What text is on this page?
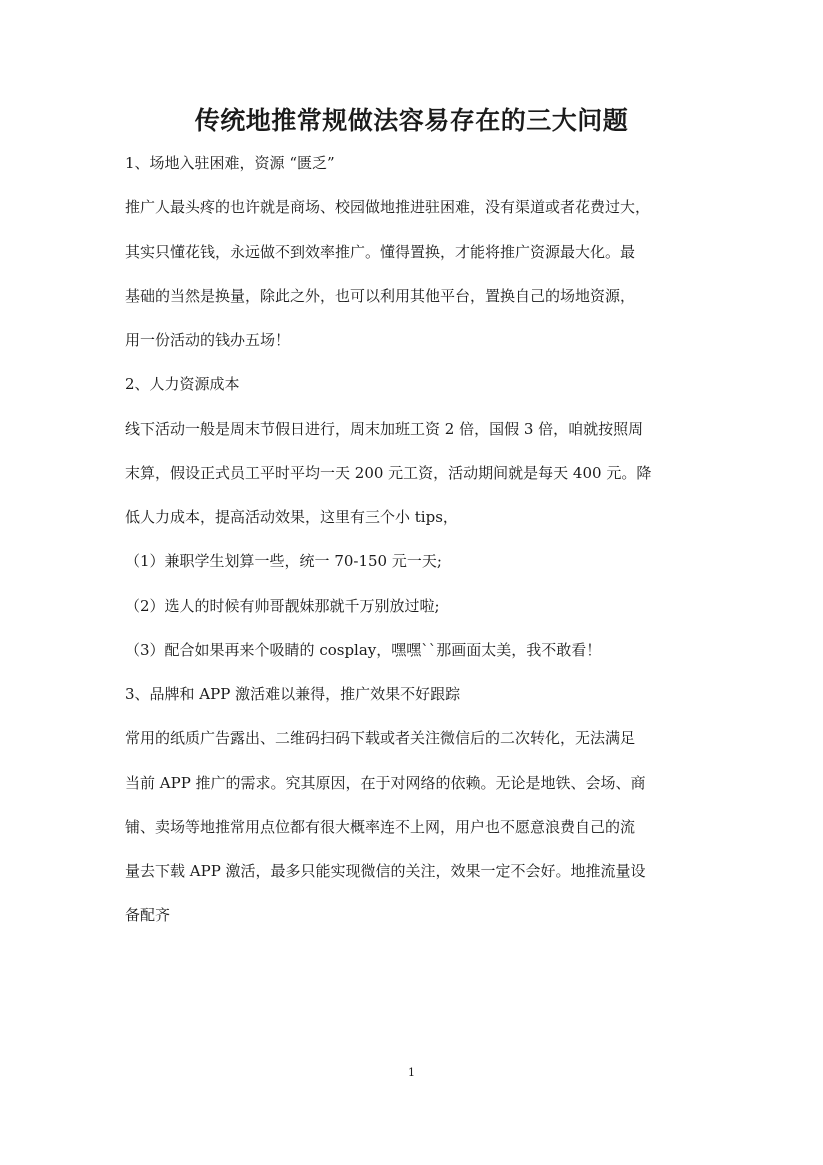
传统地推常规做法容易存在的三大问题
1、场地入驻困难，资源 “匮乏”
推广人最头疼的也许就是商场、校园做地推进驻困难，没有渠道或者花费过大，
其实只懂花钱，永远做不到效率推广。懂得置换，才能将推广资源最大化。最
基础的当然是换量，除此之外，也可以利用其他平台，置换自己的场地资源，
用一份活动的钱办五场！
2、人力资源成本
线下活动一般是周末节假日进行，周末加班工资 2 倍，国假 3 倍，咱就按照周
末算，假设正式员工平时平均一天 200 元工资，活动期间就是每天 400 元。降
低人力成本，提高活动效果，这里有三个小 tips，
（1）兼职学生划算一些，统一 70-150 元一天;
（2）选人的时候有帅哥靓妹那就千万别放过啦;
（3）配合如果再来个吸睛的 cosplay，嘿嘿``那画面太美，我不敢看！
3、品牌和 APP 激活难以兼得，推广效果不好跟踪
常用的纸质广告露出、二维码扫码下载或者关注微信后的二次转化，无法满足
当前 APP 推广的需求。究其原因，在于对网络的依赖。无论是地铁、会场、商
铺、卖场等地推常用点位都有很大概率连不上网，用户也不愿意浪费自己的流
量去下载 APP 激活，最多只能实现微信的关注，效果一定不会好。地推流量设
备配齐
1
